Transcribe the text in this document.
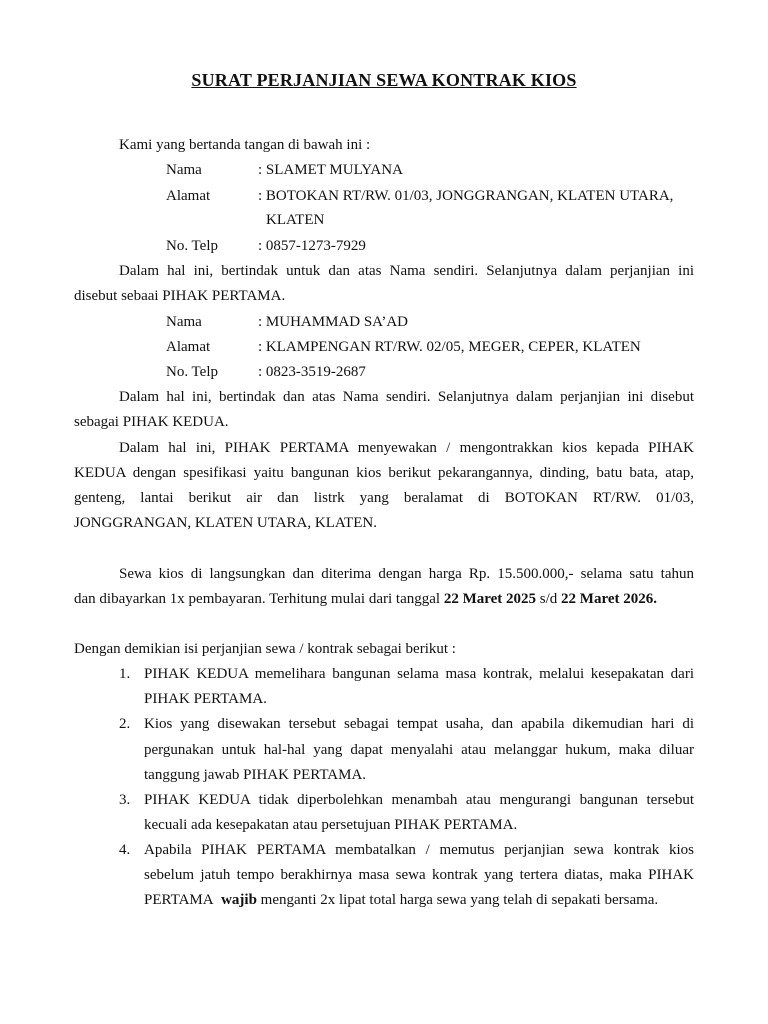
SURAT PERJANJIAN SEWA KONTRAK KIOS
Kami yang bertanda tangan di bawah ini :
Nama	: SLAMET MULYANA
Alamat	: BOTOKAN RT/RW. 01/03, JONGGRANGAN, KLATEN UTARA,
KLATEN
No. Telp	: 0857-1273-7929
Dalam hal ini, bertindak untuk dan atas Nama sendiri. Selanjutnya dalam perjanjian ini
disebut sebaai PIHAK PERTAMA.
Nama	: MUHAMMAD SA’AD
Alamat	: KLAMPENGAN RT/RW. 02/05, MEGER, CEPER, KLATEN
No. Telp	: 0823-3519-2687
Dalam hal ini, bertindak dan atas Nama sendiri. Selanjutnya dalam perjanjian ini disebut
sebagai PIHAK KEDUA.
Dalam hal ini, PIHAK PERTAMA menyewakan / mengontrakkan kios kepada PIHAK
KEDUA dengan spesifikasi yaitu bangunan kios berikut pekarangannya, dinding, batu bata, atap,
genteng, lantai berikut air dan listrk yang beralamat di BOTOKAN RT/RW. 01/03,
JONGGRANGAN, KLATEN UTARA, KLATEN.
Sewa kios di langsungkan dan diterima dengan harga Rp. 15.500.000,- selama satu tahun
dan dibayarkan 1x pembayaran. Terhitung mulai dari tanggal 22 Maret 2025 s/d 22 Maret 2026.
Dengan demikian isi perjanjian sewa / kontrak sebagai berikut :
1. PIHAK KEDUA memelihara bangunan selama masa kontrak, melalui kesepakatan dari
PIHAK PERTAMA.
2. Kios yang disewakan tersebut sebagai tempat usaha, dan apabila dikemudian hari di
pergunakan untuk hal-hal yang dapat menyalahi atau melanggar hukum, maka diluar
tanggung jawab PIHAK PERTAMA.
3. PIHAK KEDUA tidak diperbolehkan menambah atau mengurangi bangunan tersebut
kecuali ada kesepakatan atau persetujuan PIHAK PERTAMA.
4. Apabila PIHAK PERTAMA membatalkan / memutus perjanjian sewa kontrak kios
sebelum jatuh tempo berakhirnya masa sewa kontrak yang tertera diatas, maka PIHAK
PERTAMA wajib menganti 2x lipat total harga sewa yang telah di sepakati bersama.
